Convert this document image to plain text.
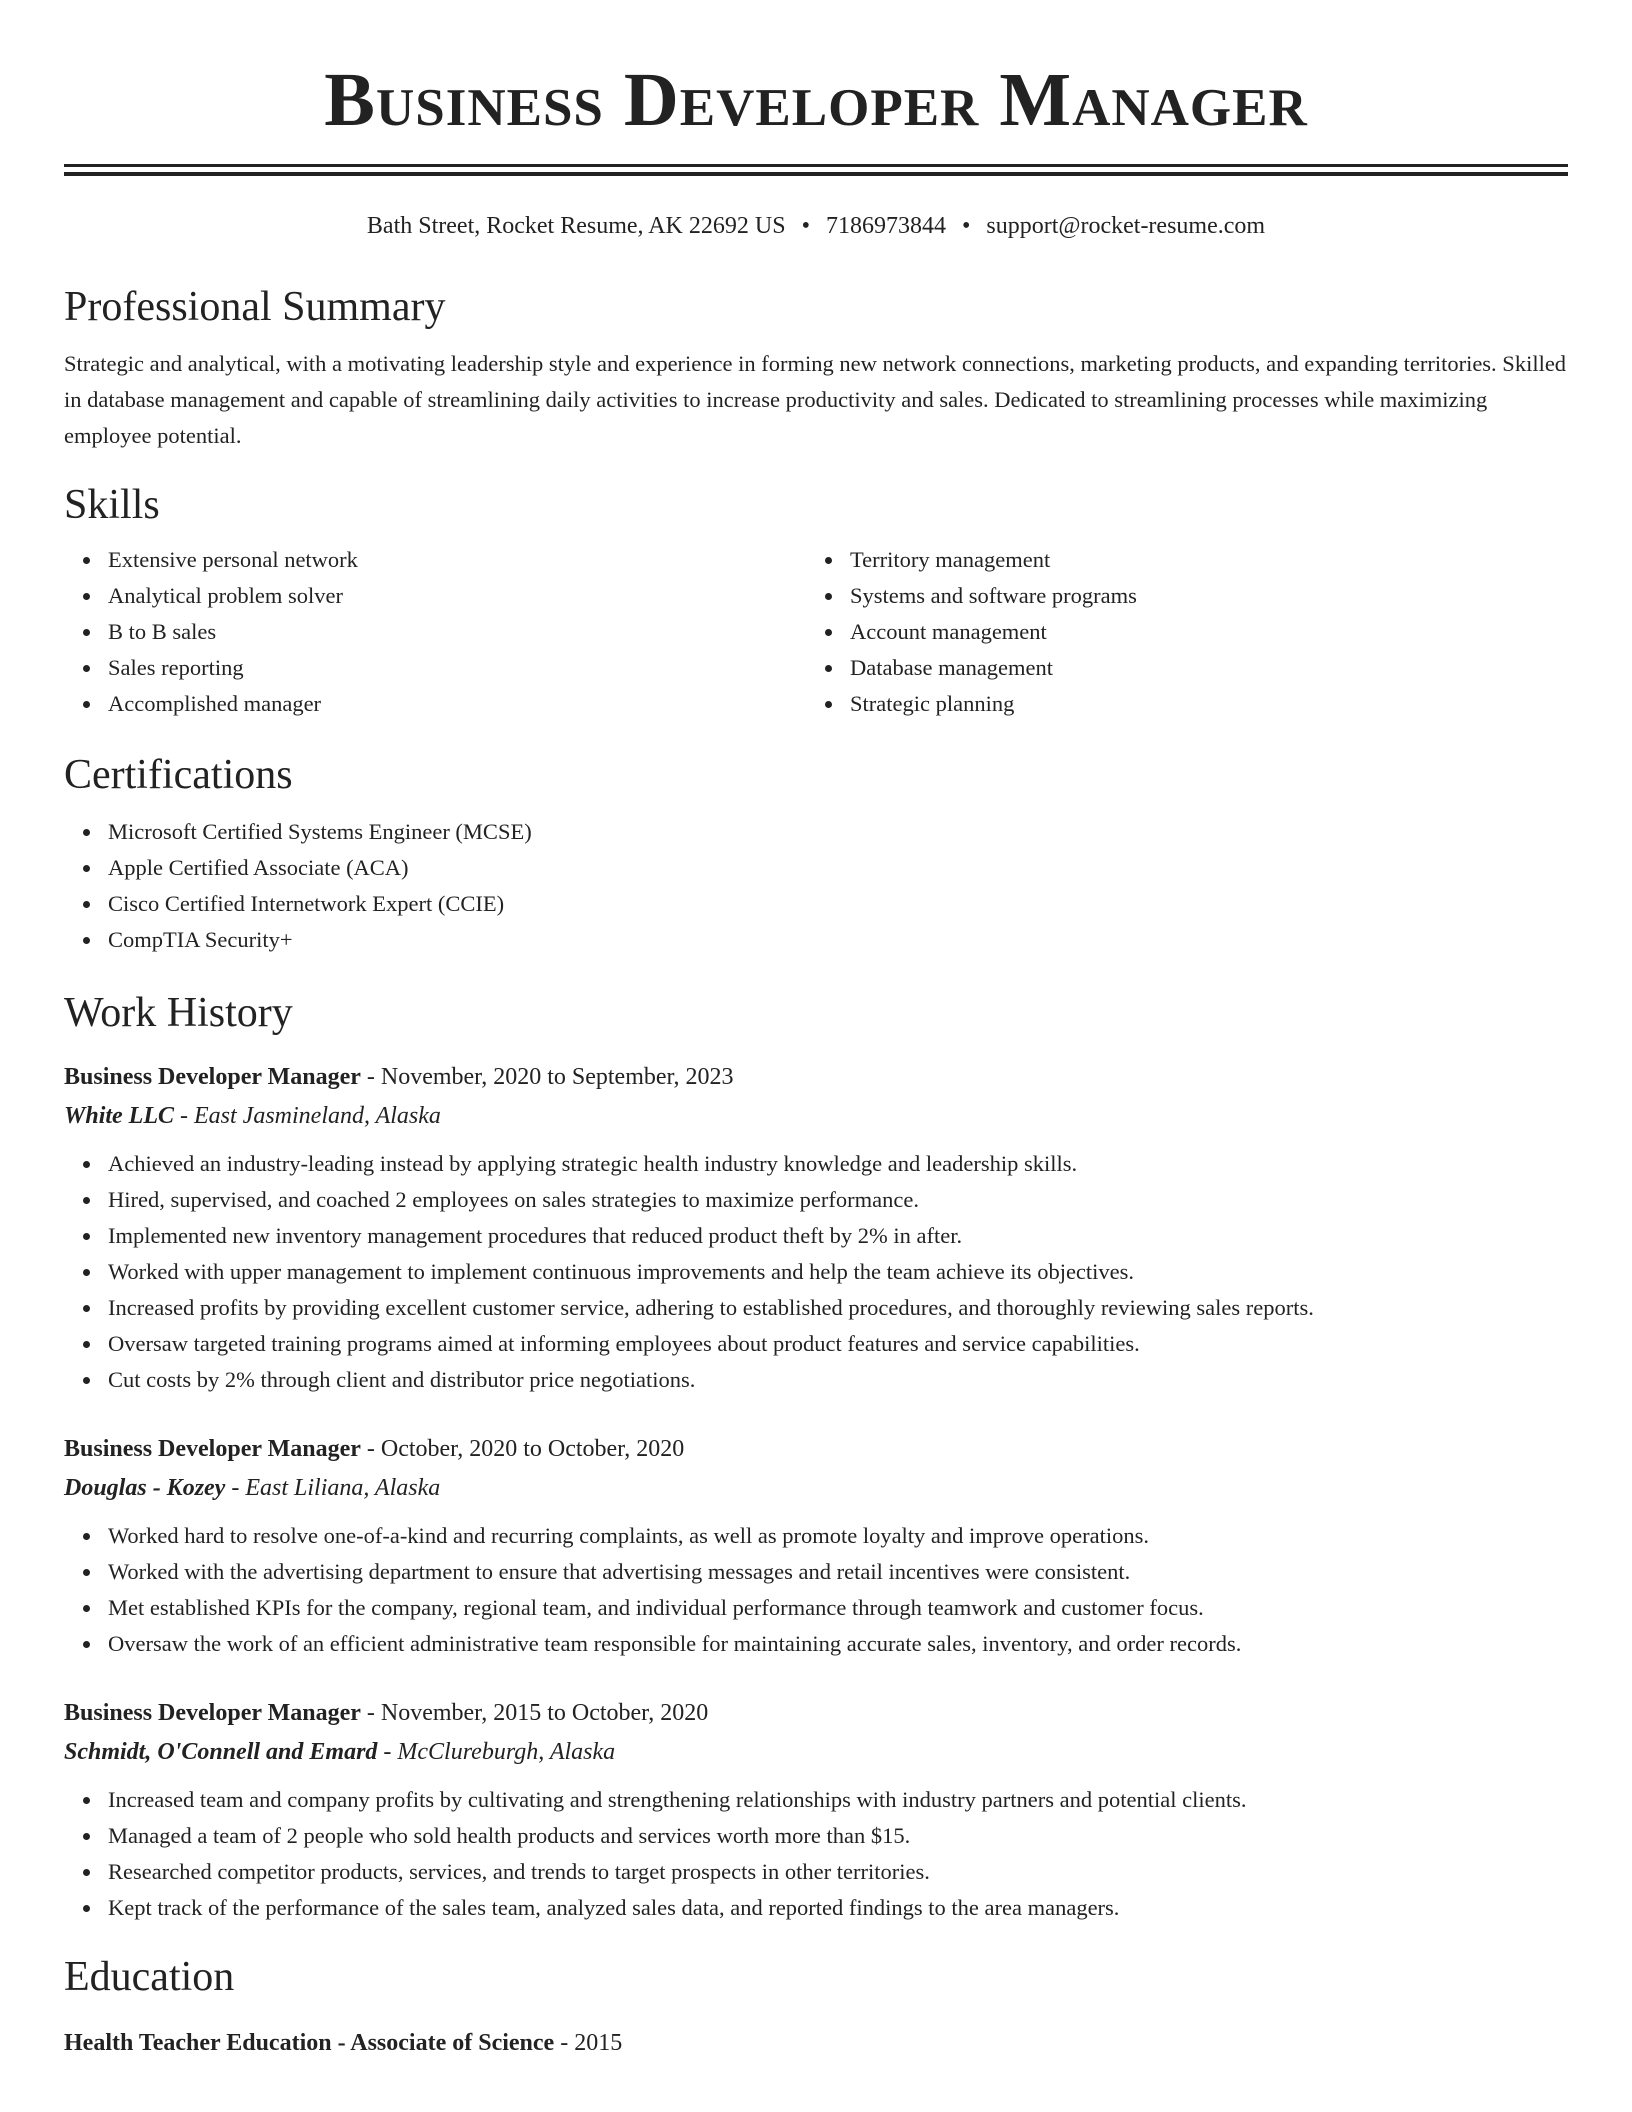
Business Developer Manager
Bath Street, Rocket Resume, AK 22692 US • 7186973844 • support@rocket-resume.com
Professional Summary
Strategic and analytical, with a motivating leadership style and experience in forming new network connections, marketing products, and expanding territories. Skilled in database management and capable of streamlining daily activities to increase productivity and sales. Dedicated to streamlining processes while maximizing employee potential.
Skills
Extensive personal network
Analytical problem solver
B to B sales
Sales reporting
Accomplished manager
Territory management
Systems and software programs
Account management
Database management
Strategic planning
Certifications
Microsoft Certified Systems Engineer (MCSE)
Apple Certified Associate (ACA)
Cisco Certified Internetwork Expert (CCIE)
CompTIA Security+
Work History
Business Developer Manager - November, 2020 to September, 2023
White LLC - East Jasmineland, Alaska
Achieved an industry-leading instead by applying strategic health industry knowledge and leadership skills.
Hired, supervised, and coached 2 employees on sales strategies to maximize performance.
Implemented new inventory management procedures that reduced product theft by 2% in after.
Worked with upper management to implement continuous improvements and help the team achieve its objectives.
Increased profits by providing excellent customer service, adhering to established procedures, and thoroughly reviewing sales reports.
Oversaw targeted training programs aimed at informing employees about product features and service capabilities.
Cut costs by 2% through client and distributor price negotiations.
Business Developer Manager - October, 2020 to October, 2020
Douglas - Kozey - East Liliana, Alaska
Worked hard to resolve one-of-a-kind and recurring complaints, as well as promote loyalty and improve operations.
Worked with the advertising department to ensure that advertising messages and retail incentives were consistent.
Met established KPIs for the company, regional team, and individual performance through teamwork and customer focus.
Oversaw the work of an efficient administrative team responsible for maintaining accurate sales, inventory, and order records.
Business Developer Manager - November, 2015 to October, 2020
Schmidt, O'Connell and Emard - McClureburgh, Alaska
Increased team and company profits by cultivating and strengthening relationships with industry partners and potential clients.
Managed a team of 2 people who sold health products and services worth more than $15.
Researched competitor products, services, and trends to target prospects in other territories.
Kept track of the performance of the sales team, analyzed sales data, and reported findings to the area managers.
Education
Health Teacher Education - Associate of Science - 2015
